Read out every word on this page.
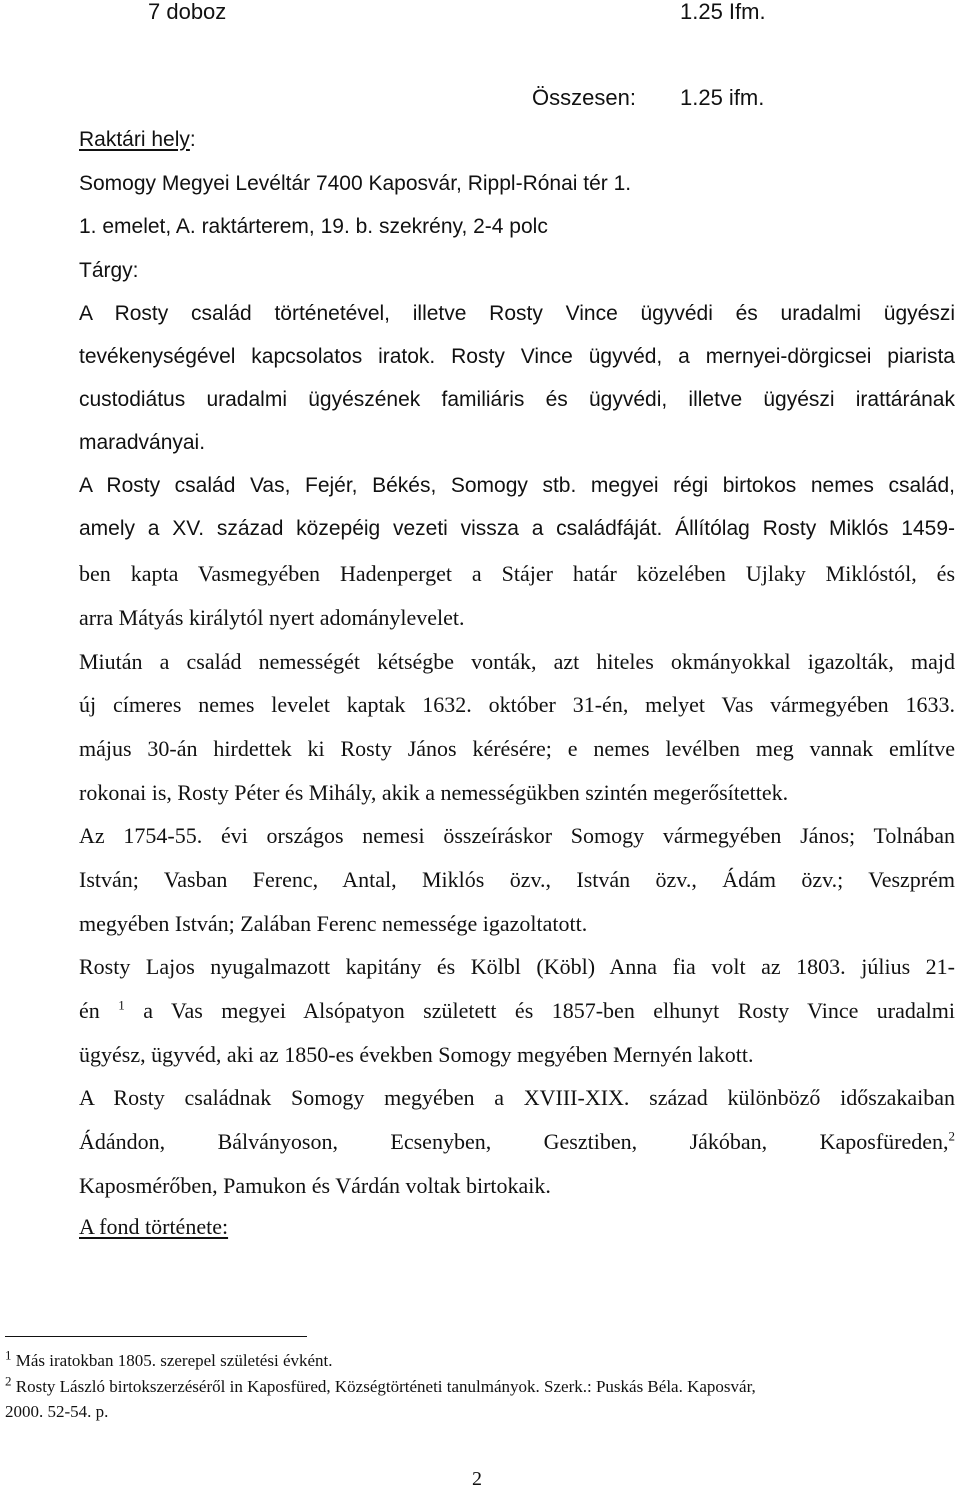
7 doboz	1.25 Ifm.
Összesen: 1.25 ifm.
Raktári hely:
Somogy Megyei Levéltár 7400 Kaposvár, Rippl-Rónai tér 1.
1. emelet, A. raktárterem, 19. b. szekrény, 2-4 polc
Tárgy:
A Rosty család történetével, illetve Rosty Vince ügyvédi és uradalmi ügyészi
tevékenységével kapcsolatos iratok. Rosty Vince ügyvéd, a mernyei-dörgicsei piarista
custodiátus uradalmi ügyészének familiáris és ügyvédi, illetve ügyészi irattárának
maradványai.
A Rosty család Vas, Fejér, Békés, Somogy stb. megyei régi birtokos nemes család,
amely a XV. század közepéig vezeti vissza a családfáját. Állítólag Rosty Miklós 1459-
ben kapta Vasmegyében Hadenperget a Stájer határ közelében Ujlaky Miklóstól, és
arra Mátyás királytól nyert adománylevelet.
Miután a család nemességét kétségbe vonták, azt hiteles okmányokkal igazolták, majd
új címeres nemes levelet kaptak 1632. október 31-én, melyet Vas vármegyében 1633.
május 30-án hirdettek ki Rosty János kérésére; e nemes levélben meg vannak említve
rokonai is, Rosty Péter és Mihály, akik a nemességükben szintén megerősítettek.
Az 1754-55. évi országos nemesi összeíráskor Somogy vármegyében János; Tolnában
István; Vasban Ferenc, Antal, Miklós özv., István özv., Ádám özv.; Veszprém
megyében István; Zalában Ferenc nemessége igazoltatott.
Rosty Lajos nyugalmazott kapitány és Kölbl (Köbl) Anna fia volt az 1803. július 21-
én $^1$ a Vas megyei Alsópatyon született és 1857-ben elhunyt Rosty Vince uradalmi
ügyész, ügyvéd, aki az 1850-es években Somogy megyében Mernyén lakott.
A Rosty családnak Somogy megyében a XVIII-XIX. század különböző időszakaiban
Ádándon, Bálványoson, Ecsenyben, Gesztiben, Jákóban, Kaposfüreden,$^2$
Kaposmérőben, Pamukon és Várdán voltak birtokaik.
A fond története:
$^1$ Más iratokban 1805. szerepel születési évként.
$^2$ Rosty László birtokszerzéséről in Kaposfüred, Községtörténeti tanulmányok. Szerk.: Puskás Béla. Kaposvár,
2000. 52-54. p.
2
